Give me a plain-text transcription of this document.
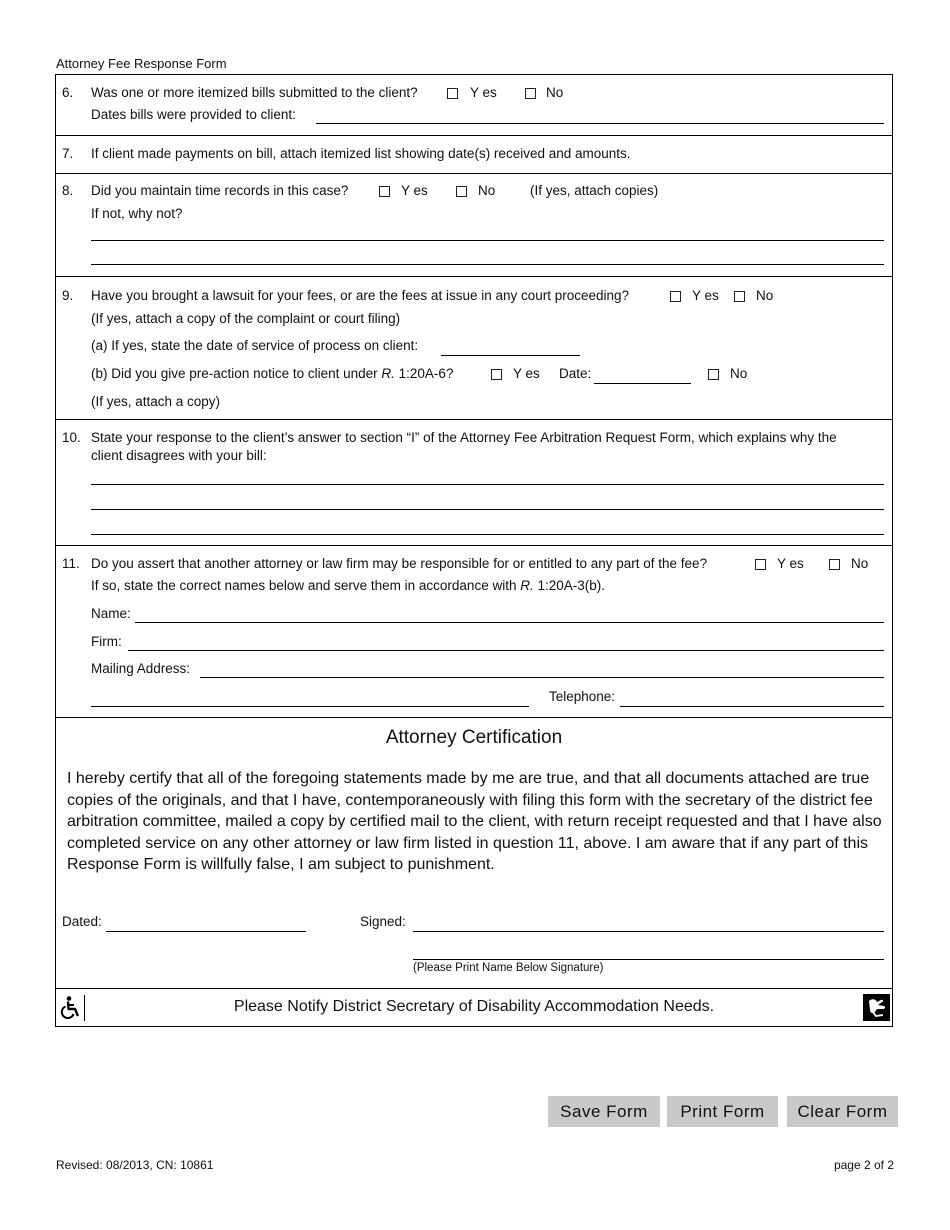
Attorney Fee Response Form
6. Was one or more itemized bills submitted to the client?	Y es	No
Dates bills were provided to client:
7. If client made payments on bill, attach itemized list showing date(s) received and amounts.
8. Did you maintain time records in this case?	Y es	No	(If yes, attach copies)
If not, why not?
9. Have you brought a lawsuit for your fees, or are the fees at issue in any court proceeding?	Y es	No
(If yes, attach a copy of the complaint or court filing)
(a) If yes, state the date of service of process on client:
(b) Did you give pre-action notice to client under R. 1:20A-6?	Y es Date:	No
(If yes, attach a copy)
10. State your response to the client’s answer to section “I” of the Attorney Fee Arbitration Request Form, which explains why the
client disagrees with your bill:
11. Do you assert that another attorney or law firm may be responsible for or entitled to any part of the fee?	Y es	No
If so, state the correct names below and serve them in accordance with R. 1:20A-3(b).
Name:
Firm:
Mailing Address:
Telephone:
Attorney Certification
I hereby certify that all of the foregoing statements made by me are true, and that all documents attached are true copies of the originals, and that I have, contemporaneously with filing this form with the secretary of the district fee arbitration committee, mailed a copy by certified mail to the client, with return receipt requested and that I have also completed service on any other attorney or law firm listed in question 11, above. I am aware that if any part of this Response Form is willfully false, I am subject to punishment.
Dated:	Signed:
(Please Print Name Below Signature)
Please Notify District Secretary of Disability Accommodation Needs.
Save Form	Print Form	Clear Form
Revised: 08/2013, CN: 10861	page 2 of 2
